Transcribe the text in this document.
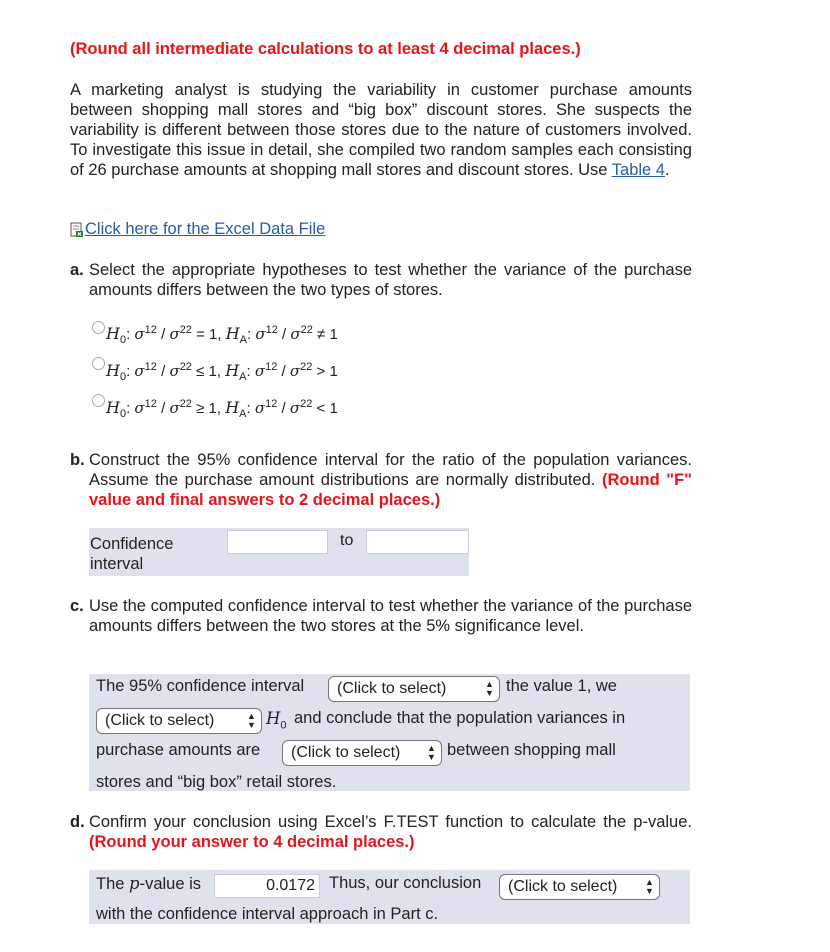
(Round all intermediate calculations to at least 4 decimal places.)
A marketing analyst is studying the variability in customer purchase amounts between shopping mall stores and “big box” discount stores. She suspects the variability is different between those stores due to the nature of customers involved. To investigate this issue in detail, she compiled two random samples each consisting of 26 purchase amounts at shopping mall stores and discount stores. Use Table 4.
Click here for the Excel Data File
a. Select the appropriate hypotheses to test whether the variance of the purchase amounts differs between the two types of stores.
$H_0$: $\sigma^{12} / \sigma^{22} = 1$, $H_A$: $\sigma^{12} / \sigma^{22} \ne 1$
$H_0$: $\sigma^{12} / \sigma^{22} \le 1$, $H_A$: $\sigma^{12} / \sigma^{22} > 1$
$H_0$: $\sigma^{12} / \sigma^{22} \ge 1$, $H_A$: $\sigma^{12} / \sigma^{22} < 1$
b. Construct the 95% confidence interval for the ratio of the population variances. Assume the purchase amount distributions are normally distributed. (Round "F" value and final answers to 2 decimal places.)
Confidence interval
to
c. Use the computed confidence interval to test whether the variance of the purchase amounts differs between the two stores at the 5% significance level.
The 95% confidence interval	(Click to select)	▲
▼ the value 1, we
(Click to select)	▲
▼ $H_0$ and conclude that the population variances in
purchase amounts are	(Click to select)	▲
▼ between shopping mall
stores and “big box” retail stores.
d. Confirm your conclusion using Excel’s F.TEST function to calculate the p-value. (Round your answer to 4 decimal places.)
The p-value is	0.0172 Thus, our conclusion	(Click to select)	▲
▼
with the confidence interval approach in Part c.
